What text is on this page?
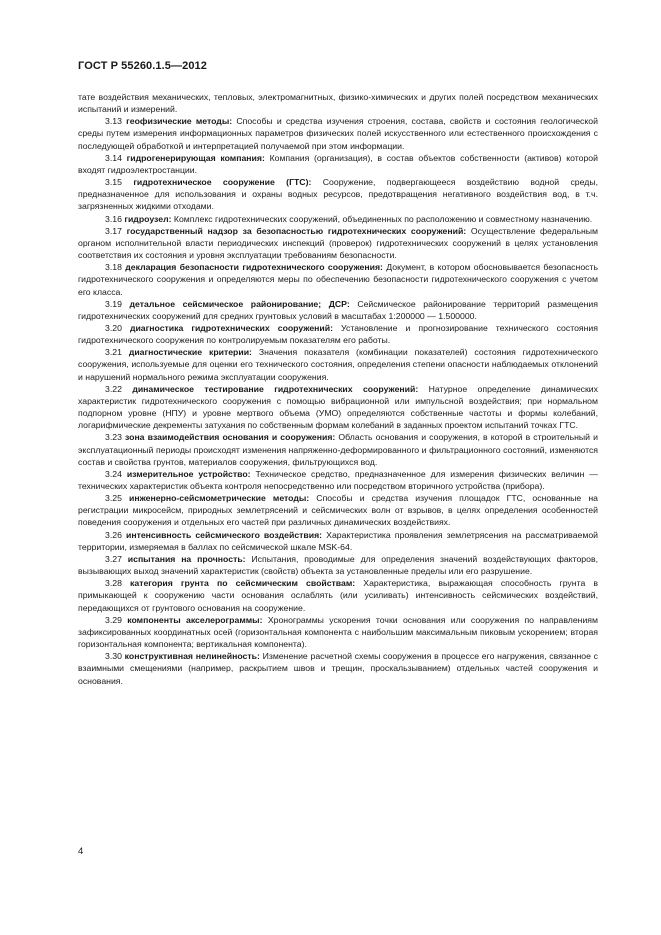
ГОСТ Р 55260.1.5—2012

тате воздействия механических, тепловых, электромагнитных, физико-химических и других полей посредством механических испытаний и измерений.

3.13 геофизические методы: Способы и средства изучения строения, состава, свойств и состояния геологической среды путем измерения информационных параметров физических полей искусственного или естественного происхождения с последующей обработкой и интерпретацией получаемой при этом информации.

3.14 гидрогенерирующая компания: Компания (организация), в состав объектов собственности (активов) которой входят гидроэлектростанции.

3.15 гидротехническое сооружение (ГТС): Сооружение, подвергающееся воздействию водной среды, предназначенное для использования и охраны водных ресурсов, предотвращения негативного воздействия вод, в т.ч. загрязненных жидкими отходами.

3.16 гидроузел: Комплекс гидротехнических сооружений, объединенных по расположению и совместному назначению.

3.17 государственный надзор за безопасностью гидротехнических сооружений: Осуществление федеральным органом исполнительной власти периодических инспекций (проверок) гидротехнических сооружений в целях установления соответствия их состояния и уровня эксплуатации требованиям безопасности.

3.18 декларация безопасности гидротехнического сооружения: Документ, в котором обосновывается безопасность гидротехнического сооружения и определяются меры по обеспечению безопасности гидротехнического сооружения с учетом его класса.

3.19 детальное сейсмическое районирование; ДСР: Сейсмическое районирование территорий размещения гидротехнических сооружений для средних грунтовых условий в масштабах 1:200000 — 1.500000.

3.20 диагностика гидротехнических сооружений: Установление и прогнозирование технического состояния гидротехнического сооружения по контролируемым показателям его работы.

3.21 диагностические критерии: Значения показателя (комбинации показателей) состояния гидротехнического сооружения, используемые для оценки его технического состояния, определения степени опасности наблюдаемых отклонений и нарушений нормального режима эксплуатации сооружения.

3.22 динамическое тестирование гидротехнических сооружений: Натурное определение динамических характеристик гидротехнического сооружения с помощью вибрационной или импульсной воздействия; при нормальном подпорном уровне (НПУ) и уровне мертвого объема (УМО) определяются собственные частоты и формы колебаний, логарифмические декременты затухания по собственным формам колебаний в заданных проектом испытаний точках ГТС.

3.23 зона взаимодействия основания и сооружения: Область основания и сооружения, в которой в строительный и эксплуатационный периоды происходят изменения напряженно-деформированного и фильтрационного состояний, изменяются состав и свойства грунтов, материалов сооружения, фильтрующихся вод.

3.24 измерительное устройство: Техническое средство, предназначенное для измерения физических величин — технических характеристик объекта контроля непосредственно или посредством вторичного устройства (прибора).

3.25 инженерно-сейсмометрические методы: Способы и средства изучения площадок ГТС, основанные на регистрации микросейсм, природных землетрясений и сейсмических волн от взрывов, в целях определения особенностей поведения сооружения и отдельных его частей при различных динамических воздействиях.

3.26 интенсивность сейсмического воздействия: Характеристика проявления землетрясения на рассматриваемой территории, измеряемая в баллах по сейсмической шкале MSK-64.

3.27 испытания на прочность: Испытания, проводимые для определения значений воздействующих факторов, вызывающих выход значений характеристик (свойств) объекта за установленные пределы или его разрушение.

3.28 категория грунта по сейсмическим свойствам: Характеристика, выражающая способность грунта в примыкающей к сооружению части основания ослаблять (или усиливать) интенсивность сейсмических воздействий, передающихся от грунтового основания на сооружение.

3.29 компоненты акселерограммы: Хронограммы ускорения точки основания или сооружения по направлениям зафиксированных координатных осей (горизонтальная компонента с наибольшим максимальным пиковым ускорением; вторая горизонтальная компонента; вертикальная компонента).

3.30 конструктивная нелинейность: Изменение расчетной схемы сооружения в процессе его нагружения, связанное с взаимными смещениями (например, раскрытием швов и трещин, проскальзыванием) отдельных частей сооружения и основания.

4
